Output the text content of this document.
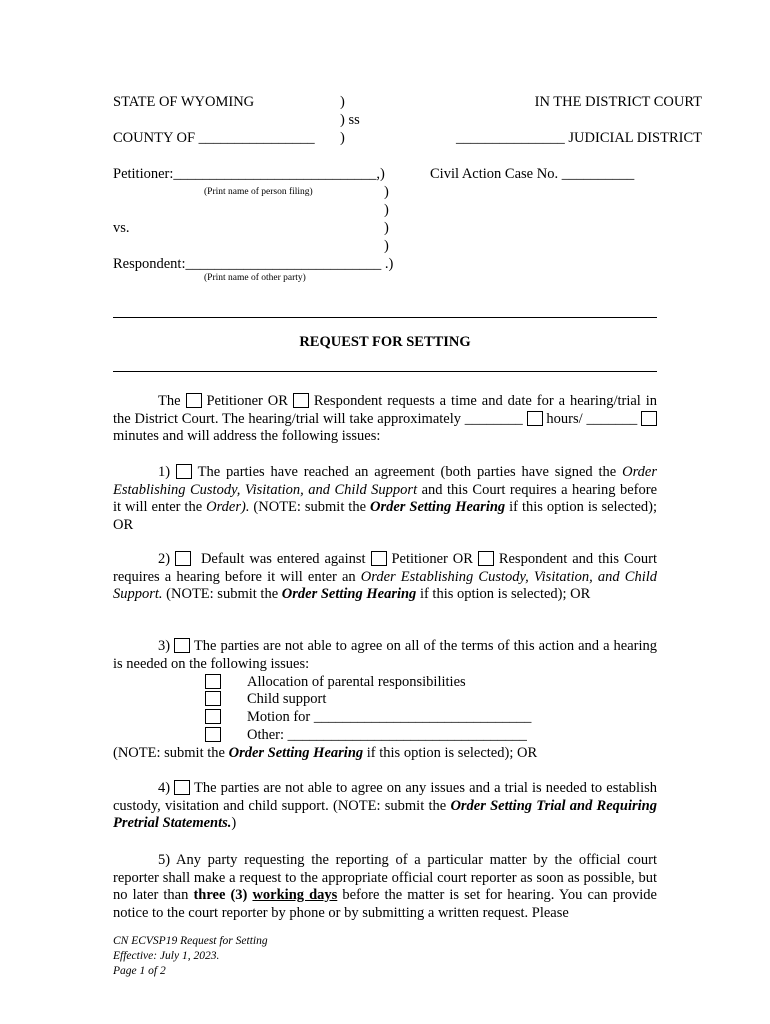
STATE OF WYOMING	)
) ss
)
COUNTY OF ________________
IN THE DISTRICT COURT
_______________ JUDICIAL DISTRICT
Petitioner:____________________________,)
(Print name of person filing)
Civil Action Case No. __________
)
)
vs.	)
)
Respondent:___________________________ .)
(Print name of other party)
REQUEST FOR SETTING
The Petitioner OR Respondent requests a time and date for a hearing/trial in the District Court. The hearing/trial will take approximately ________ hours/ _______  minutes and will address the following issues:
1) The parties have reached an agreement (both parties have signed the Order Establishing Custody, Visitation, and Child Support and this Court requires a hearing before it will enter the Order). (NOTE: submit the Order Setting Hearing if this option is selected); OR
2) Default was entered against Petitioner OR Respondent and this Court requires a hearing before it will enter an Order Establishing Custody, Visitation, and Child Support. (NOTE: submit the Order Setting Hearing if this option is selected); OR
3) The parties are not able to agree on all of the terms of this action and a hearing is needed on the following issues:
Allocation of parental responsibilities
Child support
Motion for ______________________________
Other: _________________________________
(NOTE: submit the Order Setting Hearing if this option is selected); OR
4) The parties are not able to agree on any issues and a trial is needed to establish custody, visitation and child support. (NOTE: submit the Order Setting Trial and Requiring Pretrial Statements.)
5) Any party requesting the reporting of a particular matter by the official court reporter shall make a request to the appropriate official court reporter as soon as possible, but no later than three (3) working days before the matter is set for hearing. You can provide notice to the court reporter by phone or by submitting a written request. Please
CN ECVSP19 Request for Setting
Effective: July 1, 2023.
Page 1 of 2
